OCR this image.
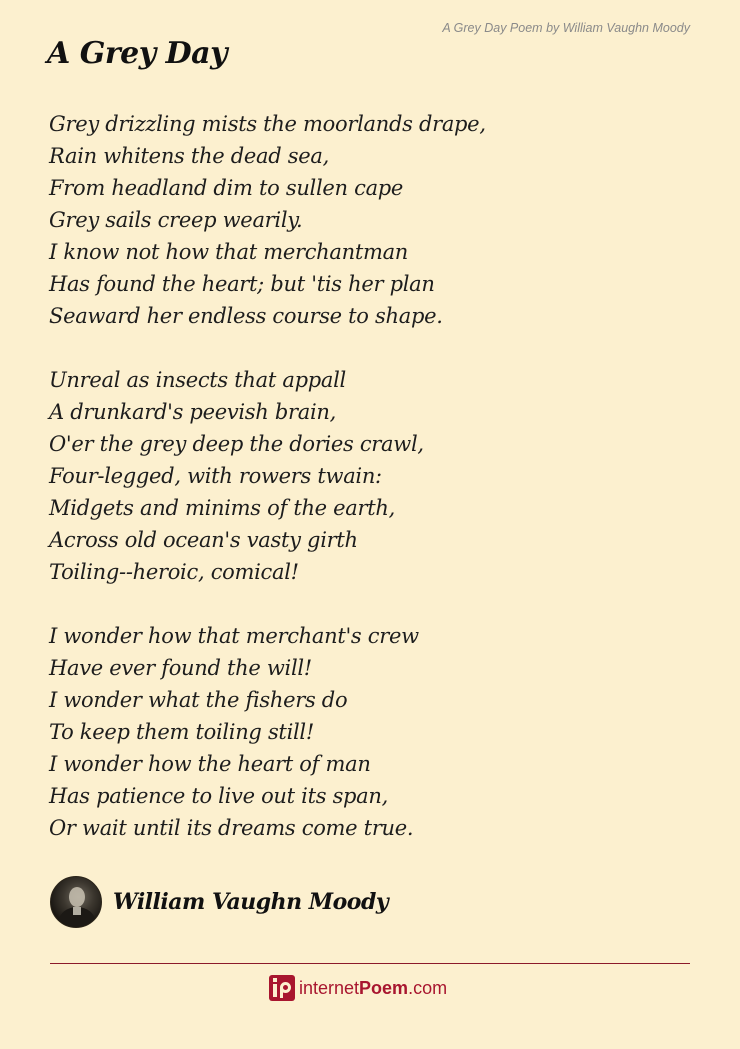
A Grey Day Poem by William Vaughn Moody
A Grey Day
Grey drizzling mists the moorlands drape,
Rain whitens the dead sea,
From headland dim to sullen cape
Grey sails creep wearily.
I know not how that merchantman
Has found the heart; but 'tis her plan
Seaward her endless course to shape.
Unreal as insects that appall
A drunkard's peevish brain,
O'er the grey deep the dories crawl,
Four-legged, with rowers twain:
Midgets and minims of the earth,
Across old ocean's vasty girth
Toiling--heroic, comical!
I wonder how that merchant's crew
Have ever found the will!
I wonder what the fishers do
To keep them toiling still!
I wonder how the heart of man
Has patience to live out its span,
Or wait until its dreams come true.
William Vaughn Moody
internetPoem.com
